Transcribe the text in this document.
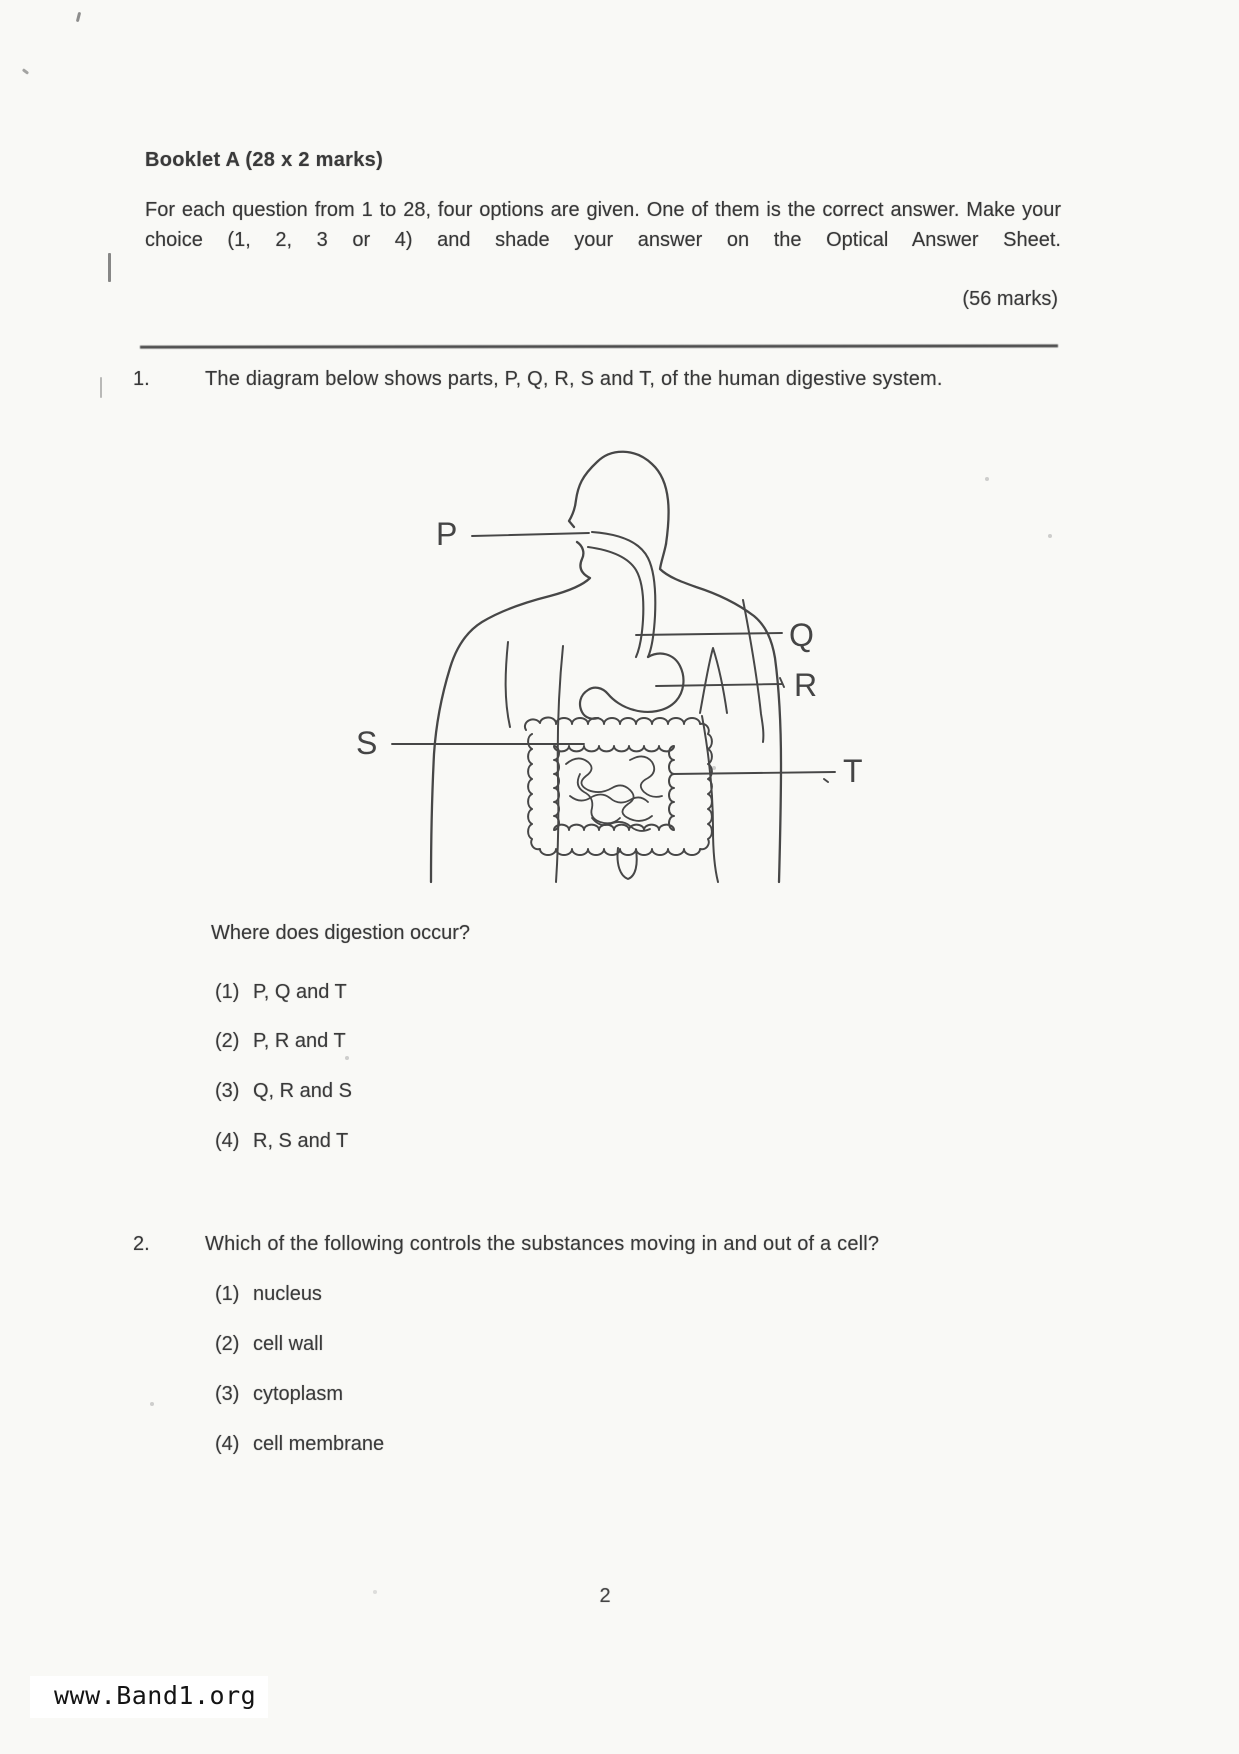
Booklet A (28 x 2 marks)
For each question from 1 to 28, four options are given. One of them is the correct answer. Make your choice (1, 2, 3 or 4) and shade your answer on the Optical Answer Sheet.
(56 marks)
1.	The diagram below shows parts, P, Q, R, S and T, of the human digestive system.
P
Q
R
S
T
Where does digestion occur?
(1) P, Q and T
(2) P, R and T
(3) Q, R and S
(4) R, S and T
2.	Which of the following controls the substances moving in and out of a cell?
(1) nucleus
(2) cell wall
(3) cytoplasm
(4) cell membrane
2
www.Band1.org
